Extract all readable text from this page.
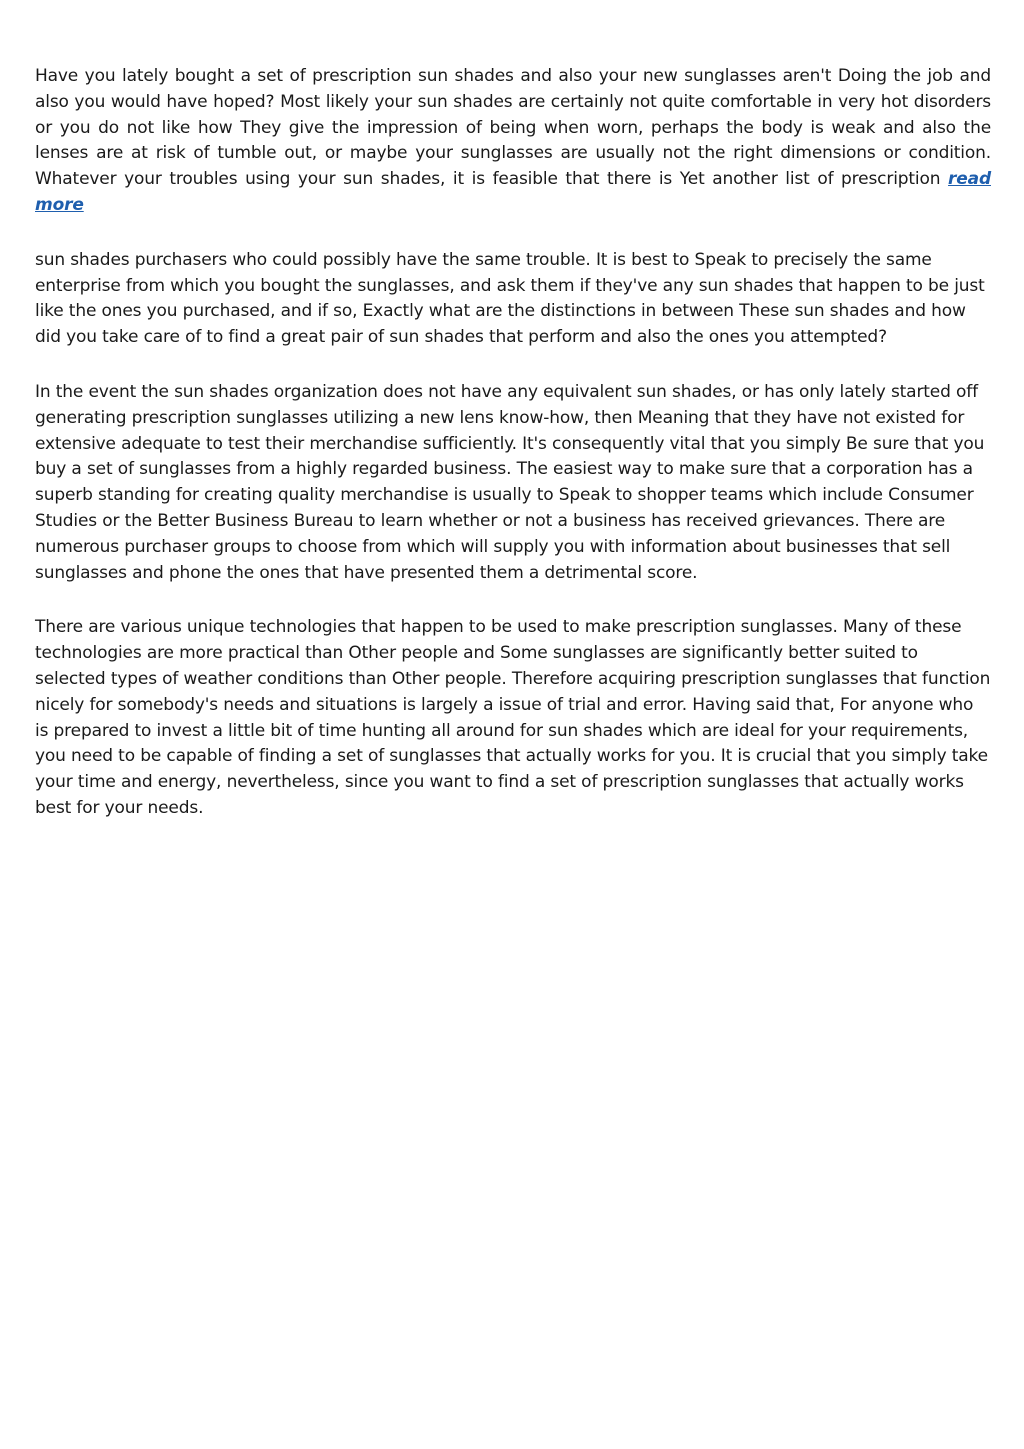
Have you lately bought a set of prescription sun shades and also your new sunglasses aren't Doing the job and also you would have hoped? Most likely your sun shades are certainly not quite comfortable in very hot disorders or you do not like how They give the impression of being when worn, perhaps the body is weak and also the lenses are at risk of tumble out, or maybe your sunglasses are usually not the right dimensions or condition. Whatever your troubles using your sun shades, it is feasible that there is Yet another list of prescription read more

sun shades purchasers who could possibly have the same trouble. It is best to Speak to precisely the same enterprise from which you bought the sunglasses, and ask them if they've any sun shades that happen to be just like the ones you purchased, and if so, Exactly what are the distinctions in between These sun shades and how did you take care of to find a great pair of sun shades that perform and also the ones you attempted?

In the event the sun shades organization does not have any equivalent sun shades, or has only lately started off generating prescription sunglasses utilizing a new lens know-how, then Meaning that they have not existed for extensive adequate to test their merchandise sufficiently. It's consequently vital that you simply Be sure that you buy a set of sunglasses from a highly regarded business. The easiest way to make sure that a corporation has a superb standing for creating quality merchandise is usually to Speak to shopper teams which include Consumer Studies or the Better Business Bureau to learn whether or not a business has received grievances. There are numerous purchaser groups to choose from which will supply you with information about businesses that sell sunglasses and phone the ones that have presented them a detrimental score.

There are various unique technologies that happen to be used to make prescription sunglasses. Many of these technologies are more practical than Other people and Some sunglasses are significantly better suited to selected types of weather conditions than Other people. Therefore acquiring prescription sunglasses that function nicely for somebody's needs and situations is largely a issue of trial and error. Having said that, For anyone who is prepared to invest a little bit of time hunting all around for sun shades which are ideal for your requirements, you need to be capable of finding a set of sunglasses that actually works for you. It is crucial that you simply take your time and energy, nevertheless, since you want to find a set of prescription sunglasses that actually works best for your needs.
